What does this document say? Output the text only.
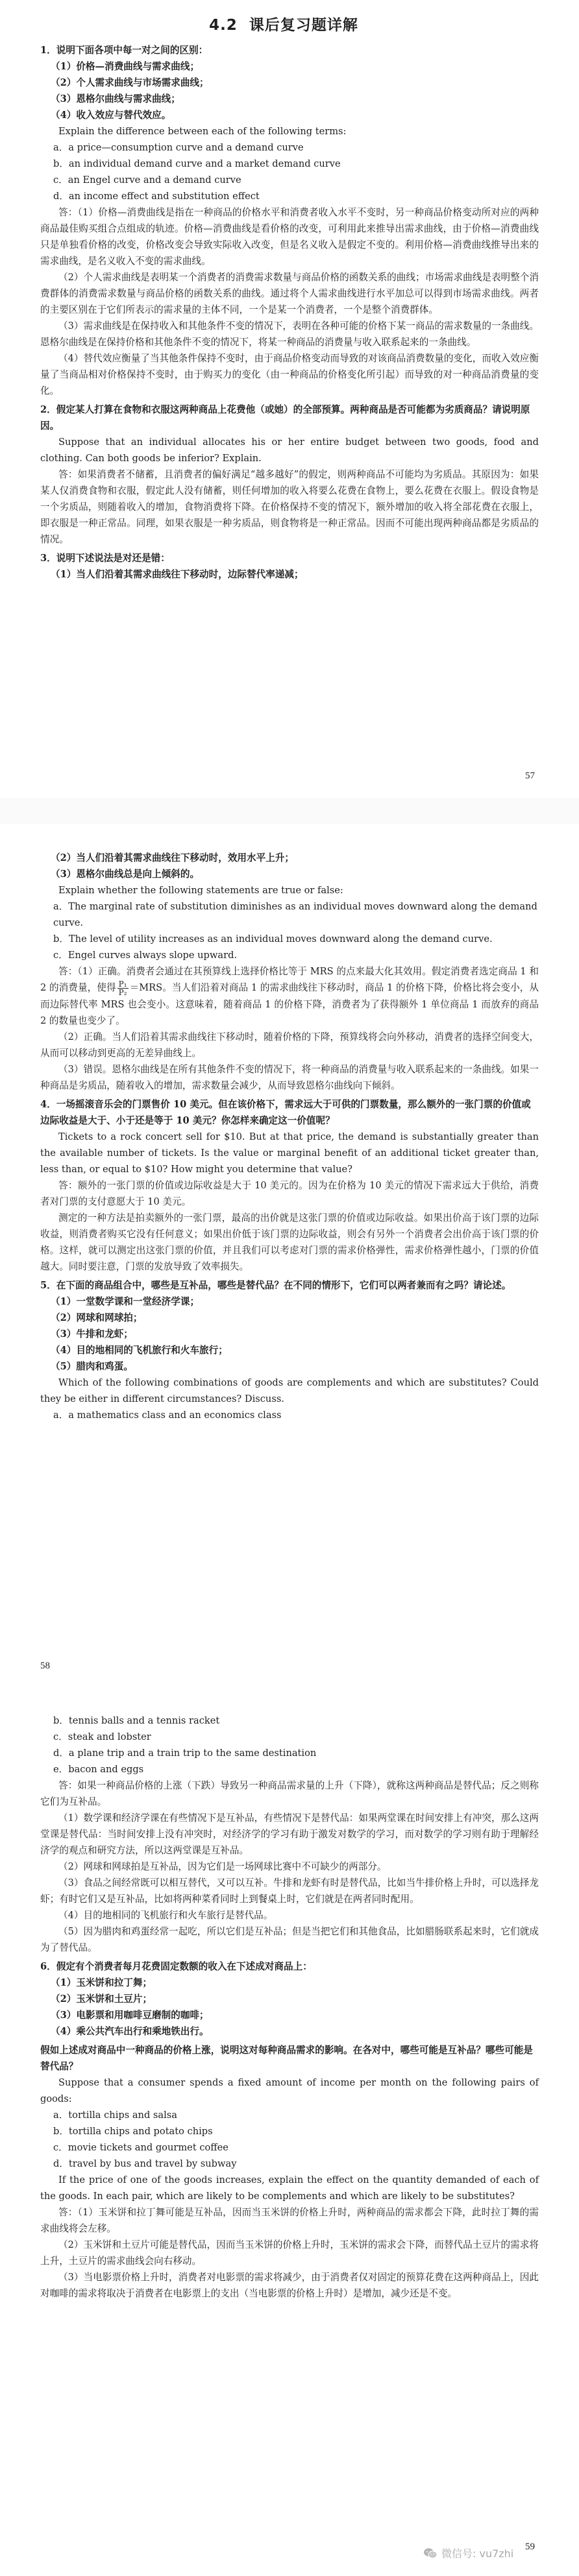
4.2 课后复习题详解
1．说明下面各项中每一对之间的区别：
（1）价格—消费曲线与需求曲线；
（2）个人需求曲线与市场需求曲线；
（3）恩格尔曲线与需求曲线；
（4）收入效应与替代效应。
Explain the difference between each of the following terms:
a．a price—consumption curve and a demand curve
b．an individual demand curve and a market demand curve
c．an Engel curve and a demand curve
d．an income effect and substitution effect

答：（1）价格—消费曲线是指在一种商品的价格水平和消费者收入水平不变时，另一种商品价格变动所对应的两种商品最佳购买组合点组成的轨迹。价格—消费曲线是看价格的改变，可利用此来推导出需求曲线，由于价格—消费曲线只是单独看价格的改变，价格改变会导致实际收入改变，但是名义收入是假定不变的。利用价格—消费曲线推导出来的需求曲线，是名义收入不变的需求曲线。

（2）个人需求曲线是表明某一个消费者的消费需求数量与商品价格的函数关系的曲线；市场需求曲线是表明整个消费群体的消费需求数量与商品价格的函数关系的曲线。通过将个人需求曲线进行水平加总可以得到市场需求曲线。两者的主要区别在于它们所表示的需求量的主体不同，一个是某一个消费者，一个是整个消费群体。

（3）需求曲线是在保持收入和其他条件不变的情况下，表明在各种可能的价格下某一商品的需求数量的一条曲线。恩格尔曲线是在保持价格和其他条件不变的情况下，将某一种商品的消费量与收入联系起来的一条曲线。

（4）替代效应衡量了当其他条件保持不变时，由于商品价格变动而导致的对该商品消费数量的变化，而收入效应衡量了当商品相对价格保持不变时，由于购买力的变化（由一种商品的价格变化所引起）而导致的对一种商品消费量的变化。

2．假定某人打算在食物和衣服这两种商品上花费他（或她）的全部预算。两种商品是否可能都为劣质商品？请说明原因。

Suppose that an individual allocates his or her entire budget between two goods, food and clothing. Can both goods be inferior? Explain.

答：如果消费者不储蓄，且消费者的偏好满足“越多越好”的假定，则两种商品不可能均为劣质品。其原因为：如果某人仅消费食物和衣服，假定此人没有储蓄，则任何增加的收入将要么花费在食物上，要么花费在衣服上。假设食物是一个劣质品，则随着收入的增加，食物消费将下降。在价格保持不变的情况下，额外增加的收入将全部花费在衣服上，即衣服是一种正常品。同理，如果衣服是一种劣质品，则食物将是一种正常品。因而不可能出现两种商品都是劣质品的情况。

3．说明下述说法是对还是错：
（1）当人们沿着其需求曲线往下移动时，边际替代率递减；
57
（2）当人们沿着其需求曲线往下移动时，效用水平上升；
（3）恩格尔曲线总是向上倾斜的。
Explain whether the following statements are true or false:
a．The marginal rate of substitution diminishes as an individual moves downward along the demand curve.
b．The level of utility increases as an individual moves downward along the demand curve.
c．Engel curves always slope upward.

答：（1）正确。消费者会通过在其预算线上选择价格比等于 MRS 的点来最大化其效用。假定消费者选定商品 1 和 2 的消费量，使得 $\frac{\text{P₁}}{\text{P₂}} =MRS$。当人们沿着对商品 1 的需求曲线往下移动时，商品 1 的价格下降，价格比将会变小，从而边际替代率 MRS 也会变小。这意味着，随着商品 1 的价格下降，消费者为了获得额外 1 单位商品 1 而放弃的商品 2 的数量也变少了。

（2）正确。当人们沿着其需求曲线往下移动时，随着价格的下降，预算线将会向外移动，消费者的选择空间变大，从而可以移动到更高的无差异曲线上。

（3）错误。恩格尔曲线是在所有其他条件不变的情况下，将一种商品的消费量与收入联系起来的一条曲线。如果一种商品是劣质品，随着收入的增加，需求数量会减少，从而导致恩格尔曲线向下倾斜。

4．一场摇滚音乐会的门票售价 10 美元。但在该价格下，需求远大于可供的门票数量，那么额外的一张门票的价值或边际收益是大于、小于还是等于 10 美元？你怎样来确定这一价值呢？

Tickets to a rock concert sell for $10. But at that price, the demand is substantially greater than the available number of tickets. Is the value or marginal benefit of an additional ticket greater than, less than, or equal to $10? How might you determine that value?

答：额外的一张门票的价值或边际收益是大于 10 美元的。因为在价格为 10 美元的情况下需求远大于供给，消费者对门票的支付意愿大于 10 美元。

测定的一种方法是拍卖额外的一张门票，最高的出价就是这张门票的价值或边际收益。如果出价高于该门票的边际收益，则消费者购买它没有任何意义；如果出价低于该门票的边际收益，则会有另外一个消费者会出价高于该门票的价格。这样，就可以测定出这张门票的价值，并且我们可以考虑对门票的需求价格弹性，需求价格弹性越小，门票的价值越大。同时要注意，门票的发放导致了效率损失。

5．在下面的商品组合中，哪些是互补品，哪些是替代品？在不同的情形下，它们可以两者兼而有之吗？请论述。
（1）一堂数学课和一堂经济学课；
（2）网球和网球拍；
（3）牛排和龙虾；
（4）目的地相同的飞机旅行和火车旅行；
（5）腊肉和鸡蛋。

Which of the following combinations of goods are complements and which are substitutes? Could they be either in different circumstances? Discuss.

a．a mathematics class and an economics class
58
b．tennis balls and a tennis racket
c．steak and lobster
d．a plane trip and a train trip to the same destination
e．bacon and eggs

答：如果一种商品价格的上涨（下跌）导致另一种商品需求量的上升（下降），就称这两种商品是替代品；反之则称它们为互补品。

（1）数学课和经济学课在有些情况下是互补品，有些情况下是替代品：如果两堂课在时间安排上有冲突，那么这两堂课是替代品：当时间安排上没有冲突时，对经济学的学习有助于激发对数学的学习，而对数学的学习则有助于理解经济学的观点和研究方法，所以这两堂课是互补品。

（2）网球和网球拍是互补品，因为它们是一场网球比赛中不可缺少的两部分。

（3）食品之间经常既可以相互替代，又可以互补。牛排和龙虾有时是替代品，比如当牛排价格上升时，可以选择龙虾；有时它们又是互补品，比如将两种菜肴同时上到餐桌上时，它们就是在两者同时配用。

（4）目的地相同的飞机旅行和火车旅行是替代品。

（5）因为腊肉和鸡蛋经常一起吃，所以它们是互补品；但是当把它们和其他食品，比如腊肠联系起来时，它们就成为了替代品。

6．假定有个消费者每月花费固定数额的收入在下述成对商品上：
（1）玉米饼和拉丁舞；
（2）玉米饼和土豆片；
（3）电影票和用咖啡豆磨制的咖啡；
（4）乘公共汽车出行和乘地铁出行。
假如上述成对商品中一种商品的价格上涨，说明这对每种商品需求的影响。在各对中，哪些可能是互补品？哪些可能是替代品？

Suppose that a consumer spends a fixed amount of income per month on the following pairs of goods:

a．tortilla chips and salsa
b．tortilla chips and potato chips
c．movie tickets and gourmet coffee
d．travel by bus and travel by subway

If the price of one of the goods increases, explain the effect on the quantity demanded of each of the goods. In each pair, which are likely to be complements and which are likely to be substitutes?

答：（1）玉米饼和拉丁舞可能是互补品，因而当玉米饼的价格上升时，两种商品的需求都会下降，此时拉丁舞的需求曲线将会左移。

（2）玉米饼和土豆片可能是替代品，因而当玉米饼的价格上升时，玉米饼的需求会下降，而替代品土豆片的需求将上升，土豆片的需求曲线会向右移动。

（3）当电影票价格上升时，消费者对电影票的需求将减少，由于消费者仅对固定的预算花费在这两种商品上，因此对咖啡的需求将取决于消费者在电影票上的支出（当电影票的价格上升时）是增加，减少还是不变。

59
微信号: vu7zhi
